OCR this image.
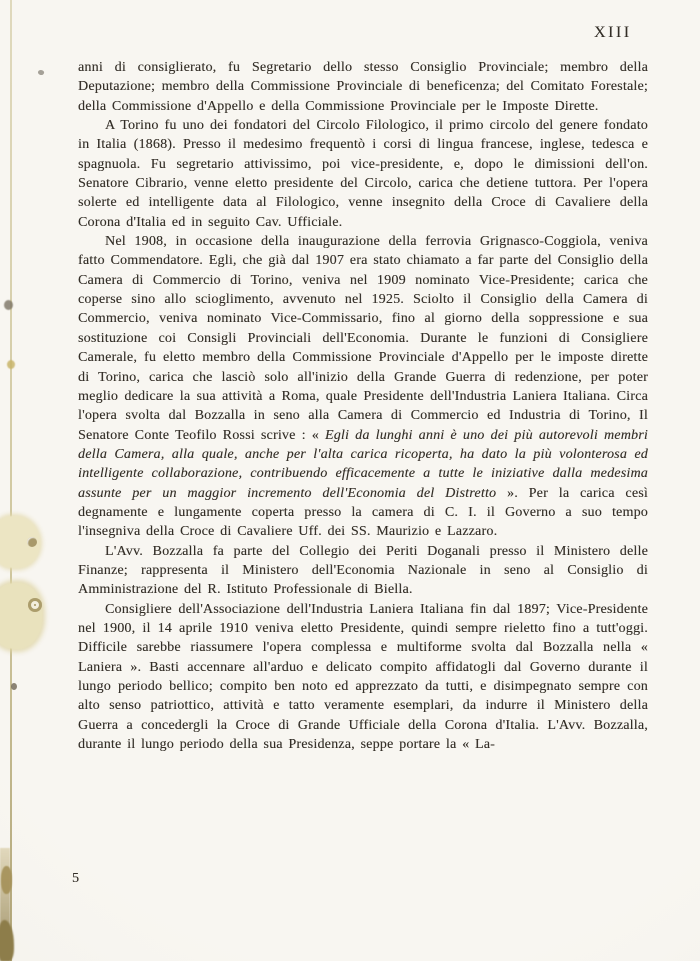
XIII

anni di consiglierato, fu Segretario dello stesso Consiglio Provinciale; membro della Deputazione; membro della Commissione Provinciale di beneficenza; del Comitato Forestale; della Commissione d'Appello e della Commissione Provinciale per le Imposte Dirette.

A Torino fu uno dei fondatori del Circolo Filologico, il primo circolo del genere fondato in Italia (1868). Presso il medesimo frequentò i corsi di lingua francese, inglese, tedesca e spagnuola. Fu segretario attivissimo, poi vice-presidente, e, dopo le dimissioni dell'on. Senatore Cibrario, venne eletto presidente del Circolo, carica che detiene tuttora. Per l'opera solerte ed intelligente data al Filologico, venne insegnito della Croce di Cavaliere della Corona d'Italia ed in seguito Cav. Ufficiale.

Nel 1908, in occasione della inaugurazione della ferrovia Grignasco-Coggiola, veniva fatto Commendatore. Egli, che già dal 1907 era stato chiamato a far parte del Consiglio della Camera di Commercio di Torino, veniva nel 1909 nominato Vice-Presidente; carica che coperse sino allo scioglimento, avvenuto nel 1925. Sciolto il Consiglio della Camera di Commercio, veniva nominato Vice-Commissario, fino al giorno della soppressione e sua sostituzione coi Consigli Provinciali dell'Economia. Durante le funzioni di Consigliere Camerale, fu eletto membro della Commissione Provinciale d'Appello per le imposte dirette di Torino, carica che lasciò solo all'inizio della Grande Guerra di redenzione, per poter meglio dedicare la sua attività a Roma, quale Presidente dell'Industria Laniera Italiana. Circa l'opera svolta dal Bozzalla in seno alla Camera di Commercio ed Industria di Torino, Il Senatore Conte Teofilo Rossi scrive : « Egli da lunghi anni è uno dei più autorevoli membri della Camera, alla quale, anche per l'alta carica ricoperta, ha dato la più volonterosa ed intelligente collaborazione, contribuendo efficacemente a tutte le iniziative dalla medesima assunte per un maggior incremento dell'Economia del Distretto ». Per la carica cesì degnamente e lungamente coperta presso la camera di C. I. il Governo a suo tempo l'insegniva della Croce di Cavaliere Uff. dei SS. Maurizio e Lazzaro.

L'Avv. Bozzalla fa parte del Collegio dei Periti Doganali presso il Ministero delle Finanze; rappresenta il Ministero dell'Economia Nazionale in seno al Consiglio di Amministrazione del R. Istituto Professionale di Biella.

Consigliere dell'Associazione dell'Industria Laniera Italiana fin dal 1897; Vice-Presidente nel 1900, il 14 aprile 1910 veniva eletto Presidente, quindi sempre rieletto fino a tutt'oggi. Difficile sarebbe riassumere l'opera complessa e multiforme svolta dal Bozzalla nella « Laniera ». Basti accennare all'arduo e delicato compito affidatogli dal Governo durante il lungo periodo bellico; compito ben noto ed apprezzato da tutti, e disimpegnato sempre con alto senso patriottico, attività e tatto veramente esemplari, da indurre il Ministero della Guerra a concedergli la Croce di Grande Ufficiale della Corona d'Italia. L'Avv. Bozzalla, durante il lungo periodo della sua Presidenza, seppe portare la « La-

5
